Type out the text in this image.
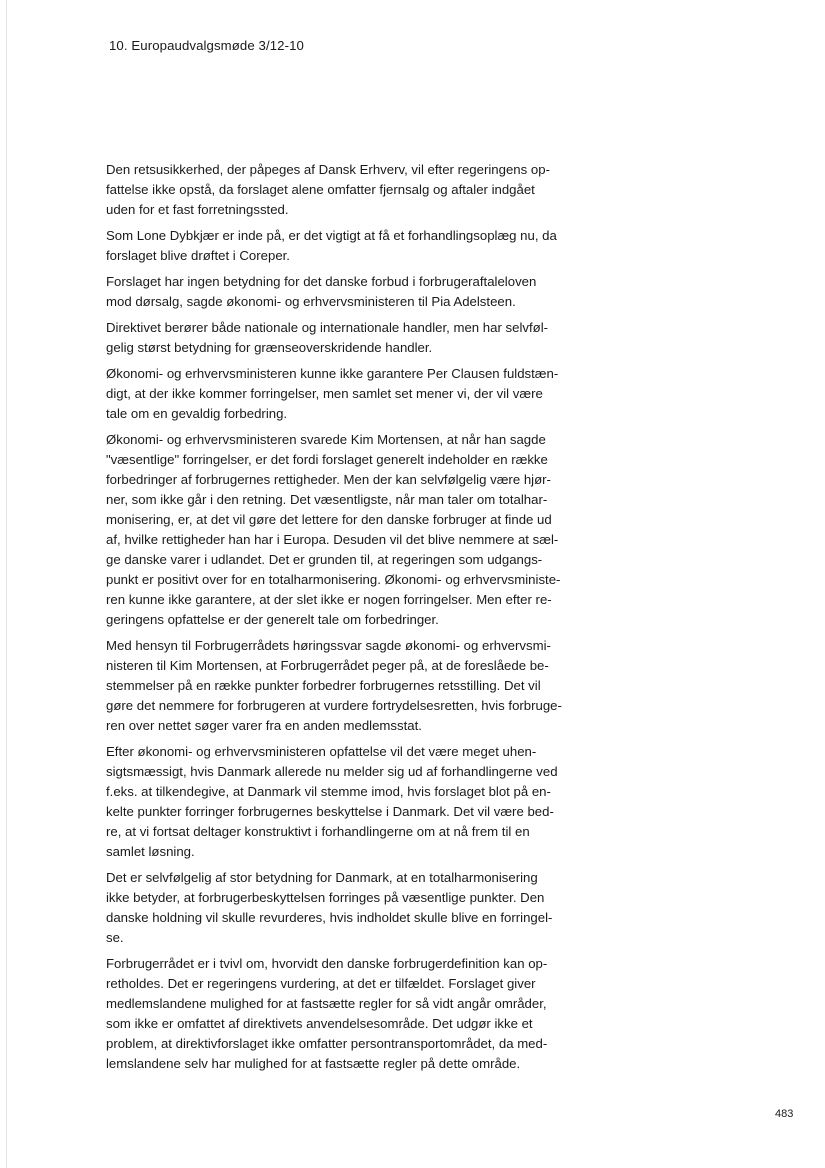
10. Europaudvalgsmøde 3/12-10

Den retsusikkerhed, der påpeges af Dansk Erhverv, vil efter regeringens op-
fattelse ikke opstå, da forslaget alene omfatter fjernsalg og aftaler indgået
uden for et fast forretningssted.

Som Lone Dybkjær er inde på, er det vigtigt at få et forhandlingsoplæg nu, da
forslaget blive drøftet i Coreper.

Forslaget har ingen betydning for det danske forbud i forbrugeraftaleloven
mod dørsalg, sagde økonomi- og erhvervsministeren til Pia Adelsteen.

Direktivet berører både nationale og internationale handler, men har selvføl-
gelig størst betydning for grænseoverskridende handler.

Økonomi- og erhvervsministeren kunne ikke garantere Per Clausen fuldstæn-
digt, at der ikke kommer forringelser, men samlet set mener vi, der vil være
tale om en gevaldig forbedring.

Økonomi- og erhvervsministeren svarede Kim Mortensen, at når han sagde
"væsentlige" forringelser, er det fordi forslaget generelt indeholder en række
forbedringer af forbrugernes rettigheder. Men der kan selvfølgelig være hjør-
ner, som ikke går i den retning. Det væsentligste, når man taler om totalhar-
monisering, er, at det vil gøre det lettere for den danske forbruger at finde ud
af, hvilke rettigheder han har i Europa. Desuden vil det blive nemmere at sæl-
ge danske varer i udlandet. Det er grunden til, at regeringen som udgangs-
punkt er positivt over for en totalharmonisering. Økonomi- og erhvervsministe-
ren kunne ikke garantere, at der slet ikke er nogen forringelser. Men efter re-
geringens opfattelse er der generelt tale om forbedringer.

Med hensyn til Forbrugerrådets høringssvar sagde økonomi- og erhvervsmi-
nisteren til Kim Mortensen, at Forbrugerrådet peger på, at de foreslåede be-
stemmelser på en række punkter forbedrer forbrugernes retsstilling. Det vil
gøre det nemmere for forbrugeren at vurdere fortrydelsesretten, hvis forbruge-
ren over nettet søger varer fra en anden medlemsstat.

Efter økonomi- og erhvervsministeren opfattelse vil det være meget uhen-
sigtsmæssigt, hvis Danmark allerede nu melder sig ud af forhandlingerne ved
f.eks. at tilkendegive, at Danmark vil stemme imod, hvis forslaget blot på en-
kelte punkter forringer forbrugernes beskyttelse i Danmark. Det vil være bed-
re, at vi fortsat deltager konstruktivt i forhandlingerne om at nå frem til en
samlet løsning.

Det er selvfølgelig af stor betydning for Danmark, at en totalharmonisering
ikke betyder, at forbrugerbeskyttelsen forringes på væsentlige punkter. Den
danske holdning vil skulle revurderes, hvis indholdet skulle blive en forringel-
se.

Forbrugerrådet er i tvivl om, hvorvidt den danske forbrugerdefinition kan op-
retholdes. Det er regeringens vurdering, at det er tilfældet. Forslaget giver
medlemslandene mulighed for at fastsætte regler for så vidt angår områder,
som ikke er omfattet af direktivets anvendelsesområde. Det udgør ikke et
problem, at direktivforslaget ikke omfatter persontransportområdet, da med-
lemslandene selv har mulighed for at fastsætte regler på dette område.

483
